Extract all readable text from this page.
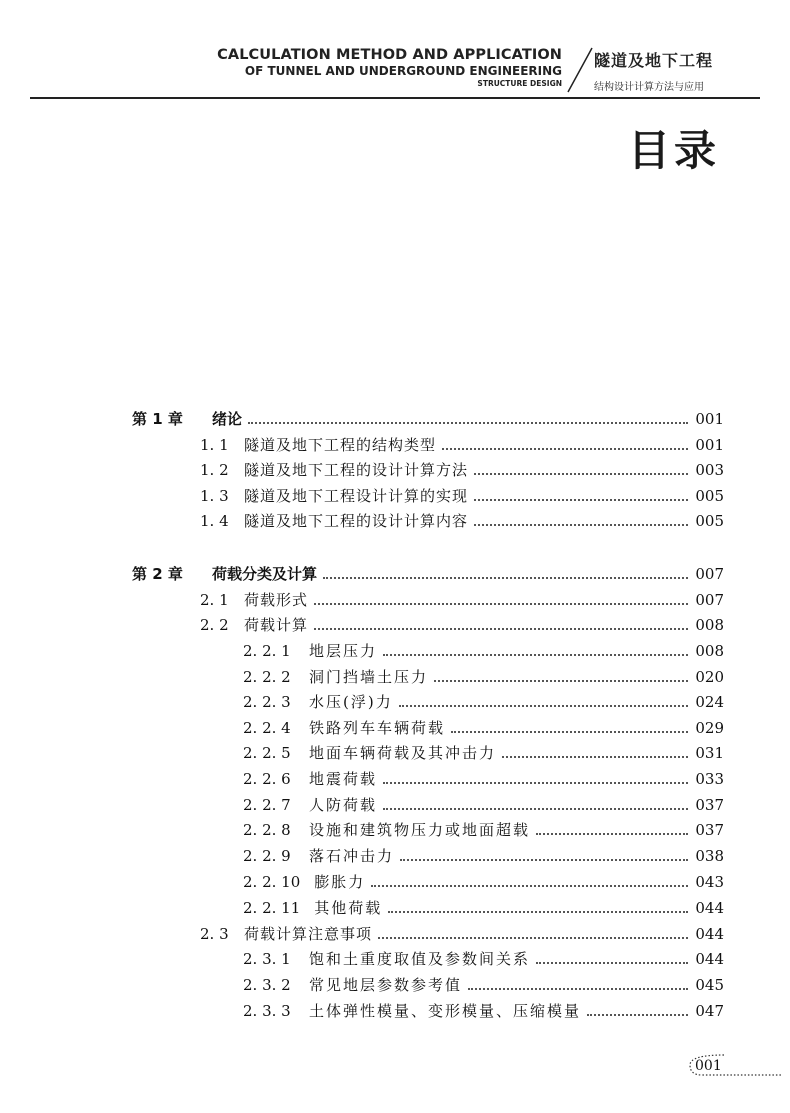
CALCULATION METHOD AND APPLICATION
OF TUNNEL AND UNDERGROUND ENGINEERING
STRUCTURE DESIGN
隧道及地下工程
结构设计计算方法与应用
目录
第 1 章	绪论	001
1. 1 隧道及地下工程的结构类型	001
1. 2 隧道及地下工程的设计计算方法	003
1. 3 隧道及地下工程设计计算的实现	005
1. 4 隧道及地下工程的设计计算内容	005
第 2 章	荷载分类及计算	007
2. 1 荷载形式	007
2. 2 荷载计算	008
2. 2. 1 地层压力	008
2. 2. 2 洞门挡墙土压力	020
2. 2. 3 水压(浮)力	024
2. 2. 4 铁路列车车辆荷载	029
2. 2. 5 地面车辆荷载及其冲击力	031
2. 2. 6 地震荷载	033
2. 2. 7 人防荷载	037
2. 2. 8 设施和建筑物压力或地面超载	037
2. 2. 9 落石冲击力	038
2. 2. 10 膨胀力	043
2. 2. 11 其他荷载	044
2. 3 荷载计算注意事项	044
2. 3. 1 饱和土重度取值及参数间关系	044
2. 3. 2 常见地层参数参考值	045
2. 3. 3 土体弹性模量、变形模量、压缩模量	047
001
